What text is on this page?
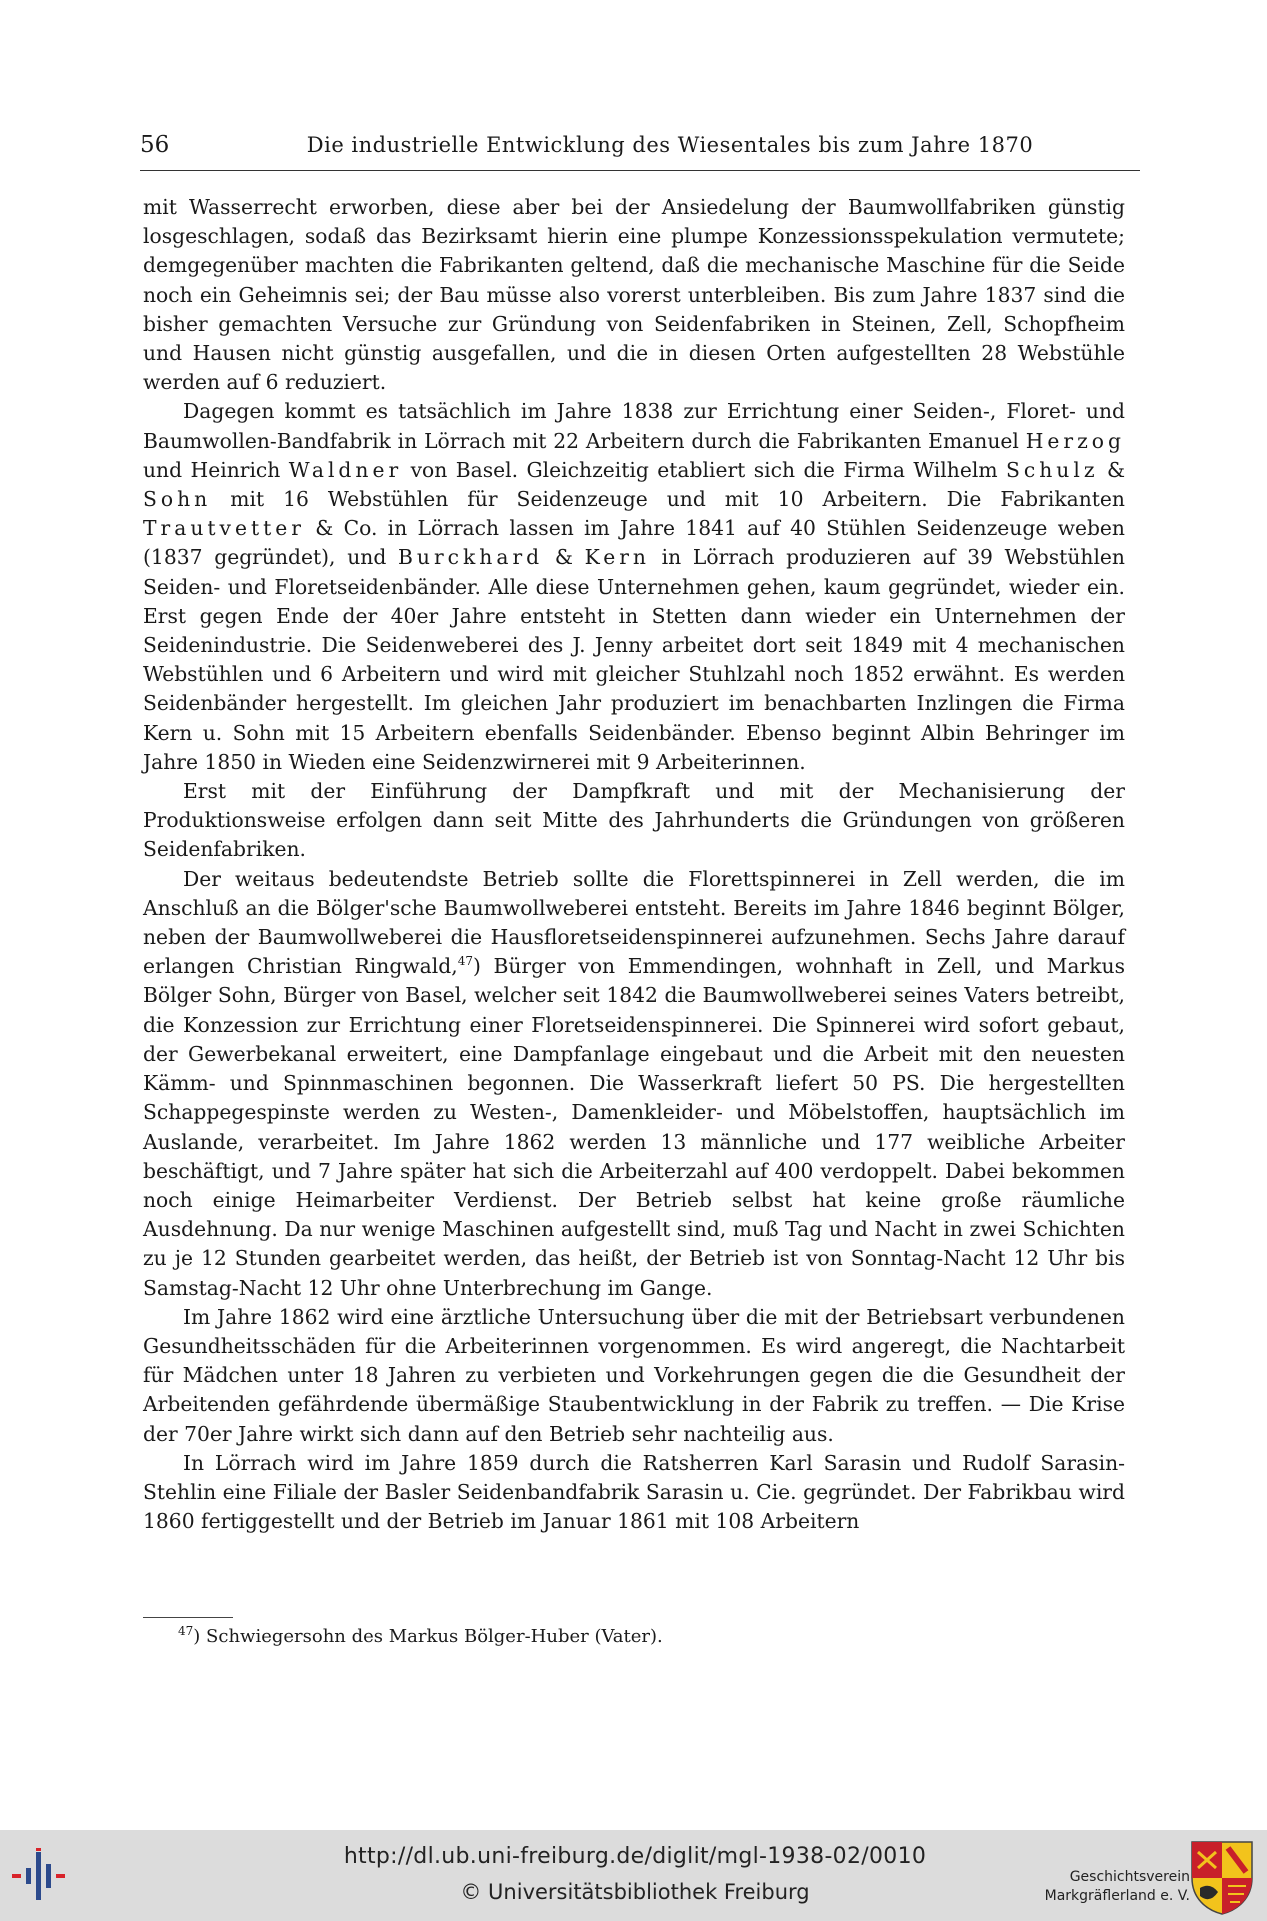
56	Die industrielle Entwicklung des Wiesentales bis zum Jahre 1870

mit Wasserrecht erworben, diese aber bei der Ansiedelung der Baumwollfabriken günstig losgeschlagen, sodaß das Bezirksamt hierin eine plumpe Konzessionsspekulation vermutete; demgegenüber machten die Fabrikanten geltend, daß die mechanische Maschine für die Seide noch ein Geheimnis sei; der Bau müsse also vorerst unterbleiben. Bis zum Jahre 1837 sind die bisher gemachten Versuche zur Gründung von Seidenfabriken in Steinen, Zell, Schopfheim und Hausen nicht günstig ausgefallen, und die in diesen Orten aufgestellten 28 Webstühle werden auf 6 reduziert.

Dagegen kommt es tatsächlich im Jahre 1838 zur Errichtung einer Seiden-, Floret- und Baumwollen-Bandfabrik in Lörrach mit 22 Arbeitern durch die Fabrikanten Emanuel Herzog und Heinrich Waldner von Basel. Gleichzeitig etabliert sich die Firma Wilhelm Schulz & Sohn mit 16 Webstühlen für Seidenzeuge und mit 10 Arbeitern. Die Fabrikanten Trautvetter & Co. in Lörrach lassen im Jahre 1841 auf 40 Stühlen Seidenzeuge weben (1837 gegründet), und Burckhard & Kern in Lörrach produzieren auf 39 Webstühlen Seiden- und Floretseidenbänder. Alle diese Unternehmen gehen, kaum gegründet, wieder ein. Erst gegen Ende der 40er Jahre entsteht in Stetten dann wieder ein Unternehmen der Seidenindustrie. Die Seidenweberei des J. Jenny arbeitet dort seit 1849 mit 4 mechanischen Webstühlen und 6 Arbeitern und wird mit gleicher Stuhlzahl noch 1852 erwähnt. Es werden Seidenbänder hergestellt. Im gleichen Jahr produziert im benachbarten Inzlingen die Firma Kern u. Sohn mit 15 Arbeitern ebenfalls Seidenbänder. Ebenso beginnt Albin Behringer im Jahre 1850 in Wieden eine Seidenzwirnerei mit 9 Arbeiterinnen.

Erst mit der Einführung der Dampfkraft und mit der Mechanisierung der Produktionsweise erfolgen dann seit Mitte des Jahrhunderts die Gründungen von größeren Seidenfabriken.

Der weitaus bedeutendste Betrieb sollte die Florettspinnerei in Zell werden, die im Anschluß an die Bölger'sche Baumwollweberei entsteht. Bereits im Jahre 1846 beginnt Bölger, neben der Baumwollweberei die Hausfloretseidenspinnerei aufzunehmen. Sechs Jahre darauf erlangen Christian Ringwald,$^{47}$) Bürger von Emmendingen, wohnhaft in Zell, und Markus Bölger Sohn, Bürger von Basel, welcher seit 1842 die Baumwollweberei seines Vaters betreibt, die Konzession zur Errichtung einer Floretseidenspinnerei. Die Spinnerei wird sofort gebaut, der Gewerbekanal erweitert, eine Dampfanlage eingebaut und die Arbeit mit den neuesten Kämm- und Spinnmaschinen begonnen. Die Wasserkraft liefert 50 PS. Die hergestellten Schappegespinste werden zu Westen-, Damenkleider- und Möbelstoffen, hauptsächlich im Auslande, verarbeitet. Im Jahre 1862 werden 13 männliche und 177 weibliche Arbeiter beschäftigt, und 7 Jahre später hat sich die Arbeiterzahl auf 400 verdoppelt. Dabei bekommen noch einige Heimarbeiter Verdienst. Der Betrieb selbst hat keine große räumliche Ausdehnung. Da nur wenige Maschinen aufgestellt sind, muß Tag und Nacht in zwei Schichten zu je 12 Stunden gearbeitet werden, das heißt, der Betrieb ist von Sonntag-Nacht 12 Uhr bis Samstag-Nacht 12 Uhr ohne Unterbrechung im Gange.

Im Jahre 1862 wird eine ärztliche Untersuchung über die mit der Betriebsart verbundenen Gesundheitsschäden für die Arbeiterinnen vorgenommen. Es wird angeregt, die Nachtarbeit für Mädchen unter 18 Jahren zu verbieten und Vorkehrungen gegen die die Gesundheit der Arbeitenden gefährdende übermäßige Staubentwicklung in der Fabrik zu treffen. — Die Krise der 70er Jahre wirkt sich dann auf den Betrieb sehr nachteilig aus.

In Lörrach wird im Jahre 1859 durch die Ratsherren Karl Sarasin und Rudolf Sarasin-Stehlin eine Filiale der Basler Seidenbandfabrik Sarasin u. Cie. gegründet. Der Fabrikbau wird 1860 fertiggestellt und der Betrieb im Januar 1861 mit 108 Arbeitern

$^{47}$) Schwiegersohn des Markus Bölger-Huber (Vater).
http://dl.ub.uni-freiburg.de/diglit/mgl-1938-02/0010
© Universitätsbibliothek Freiburg
Geschichtsverein
Markgräflerland e. V.
